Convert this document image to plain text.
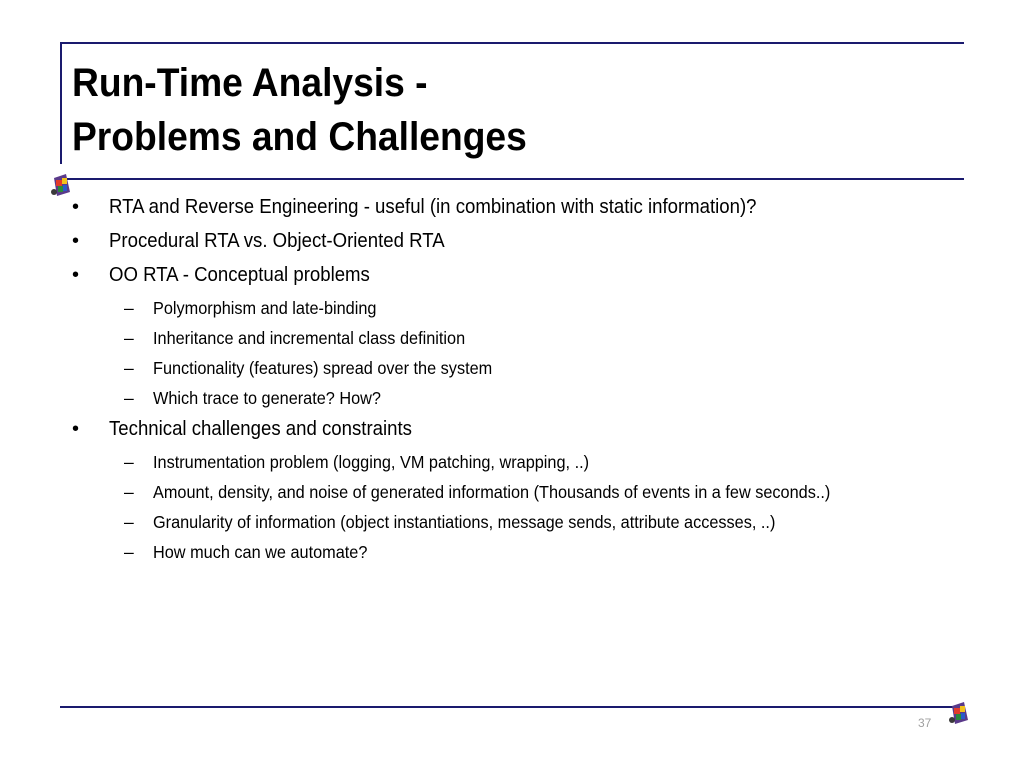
Run-Time Analysis -
Problems and Challenges
•	RTA and Reverse Engineering - useful (in combination with static information)?
•	Procedural RTA vs. Object-Oriented RTA
•	OO RTA - Conceptual problems
–	Polymorphism and late-binding
–	Inheritance and incremental class definition
–	Functionality (features) spread over the system
–	Which trace to generate? How?
•	Technical challenges and constraints
–	Instrumentation problem (logging, VM patching, wrapping, ..)
–	Amount, density, and noise of generated information (Thousands of events in a few seconds..)
–	Granularity of information (object instantiations, message sends, attribute accesses, ..)
–	How much can we automate?
37
